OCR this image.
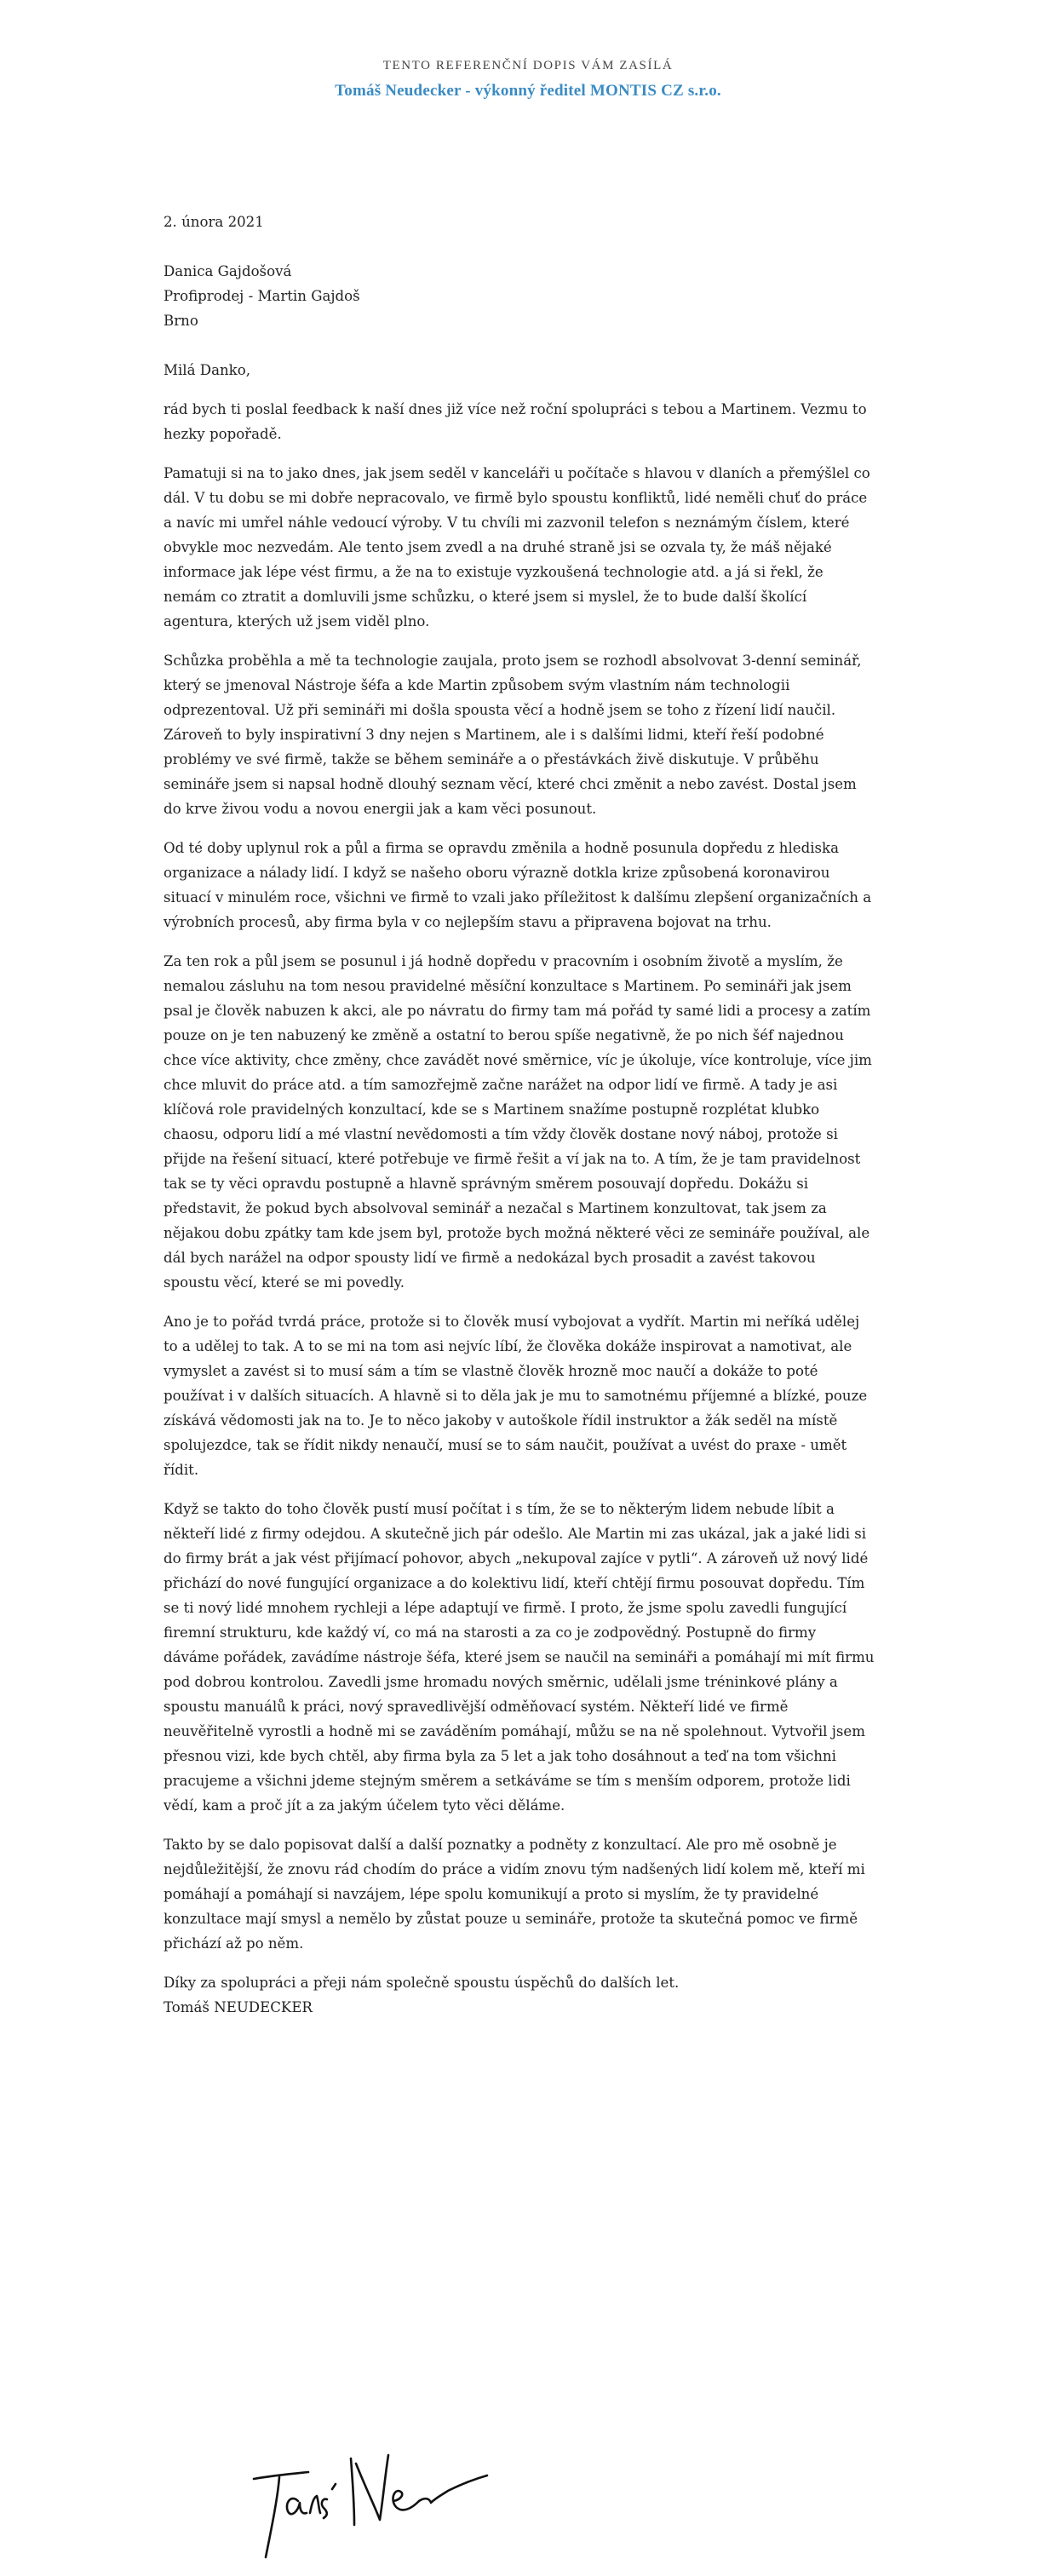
TENTO REFERENČNÍ DOPIS VÁM ZASÍLÁ

Tomáš Neudecker - výkonný ředitel MONTIS CZ s.r.o.

2. února 2021

Danica Gajdošová

Profiprodej - Martin Gajdoš

Brno

Milá Danko,

rád bych ti poslal feedback k naší dnes již více než roční spolupráci s tebou a Martinem. Vezmu to hezky popořadě.

Pamatuji si na to jako dnes, jak jsem seděl v kanceláři u počítače s hlavou v dlaních a přemýšlel co dál. V tu dobu se mi dobře nepracovalo, ve firmě bylo spoustu konfliktů, lidé neměli chuť do práce a navíc mi umřel náhle vedoucí výroby. V tu chvíli mi zazvonil telefon s neznámým číslem, které obvykle moc nezvedám. Ale tento jsem zvedl a na druhé straně jsi se ozvala ty, že máš nějaké informace jak lépe vést firmu, a že na to existuje vyzkoušená technologie atd. a já si řekl, že nemám co ztratit a domluvili jsme schůzku, o které jsem si myslel, že to bude další školící agentura, kterých už jsem viděl plno.

Schůzka proběhla a mě ta technologie zaujala, proto jsem se rozhodl absolvovat 3-denní seminář, který se jmenoval Nástroje šéfa a kde Martin způsobem svým vlastním nám technologii odprezentoval. Už při semináři mi došla spousta věcí a hodně jsem se toho z řízení lidí naučil. Zároveň to byly inspirativní 3 dny nejen s Martinem, ale i s dalšími lidmi, kteří řeší podobné problémy ve své firmě, takže se během semináře a o přestávkách živě diskutuje. V průběhu semináře jsem si napsal hodně dlouhý seznam věcí, které chci změnit a nebo zavést. Dostal jsem do krve živou vodu a novou energii jak a kam věci posunout.

Od té doby uplynul rok a půl a firma se opravdu změnila a hodně posunula dopředu z hlediska organizace a nálady lidí. I když se našeho oboru výrazně dotkla krize způsobená koronavirou situací v minulém roce, všichni ve firmě to vzali jako příležitost k dalšímu zlepšení organizačních a výrobních procesů, aby firma byla v co nejlepším stavu a připravena bojovat na trhu.

Za ten rok a půl jsem se posunul i já hodně dopředu v pracovním i osobním životě a myslím, že nemalou zásluhu na tom nesou pravidelné měsíční konzultace s Martinem. Po semináři jak jsem psal je člověk nabuzen k akci, ale po návratu do firmy tam má pořád ty samé lidi a procesy a zatím pouze on je ten nabuzený ke změně a ostatní to berou spíše negativně, že po nich šéf najednou chce více aktivity, chce změny, chce zavádět nové směrnice, víc je úkoluje, více kontroluje, více jim chce mluvit do práce atd. a tím samozřejmě začne narážet na odpor lidí ve firmě. A tady je asi klíčová role pravidelných konzultací, kde se s Martinem snažíme postupně rozplétat klubko chaosu, odporu lidí a mé vlastní nevědomosti a tím vždy člověk dostane nový náboj, protože si přijde na řešení situací, které potřebuje ve firmě řešit a ví jak na to. A tím, že je tam pravidelnost tak se ty věci opravdu postupně a hlavně správným směrem posouvají dopředu. Dokážu si představit, že pokud bych absolvoval seminář a nezačal s Martinem konzultovat, tak jsem za nějakou dobu zpátky tam kde jsem byl, protože bych možná některé věci ze semináře používal, ale dál bych narážel na odpor spousty lidí ve firmě a nedokázal bych prosadit a zavést takovou spoustu věcí, které se mi povedly.

Ano je to pořád tvrdá práce, protože si to člověk musí vybojovat a vydřít. Martin mi neříká udělej to a udělej to tak. A to se mi na tom asi nejvíc líbí, že člověka dokáže inspirovat a namotivat, ale vymyslet a zavést si to musí sám a tím se vlastně člověk hrozně moc naučí a dokáže to poté používat i v dalších situacích. A hlavně si to děla jak je mu to samotnému příjemné a blízké, pouze získává vědomosti jak na to. Je to něco jakoby v autoškole řídil instruktor a žák seděl na místě spolujezdce, tak se řídit nikdy nenaučí, musí se to sám naučit, používat a uvést do praxe - umět řídit.

Když se takto do toho člověk pustí musí počítat i s tím, že se to některým lidem nebude líbit a někteří lidé z firmy odejdou. A skutečně jich pár odešlo. Ale Martin mi zas ukázal, jak a jaké lidi si do firmy brát a jak vést přijímací pohovor, abych „nekupoval zajíce v pytli“. A zároveň už nový lidé přichází do nové fungující organizace a do kolektivu lidí, kteří chtějí firmu posouvat dopředu. Tím se ti nový lidé mnohem rychleji a lépe adaptují ve firmě. I proto, že jsme spolu zavedli fungující firemní strukturu, kde každý ví, co má na starosti a za co je zodpovědný. Postupně do firmy dáváme pořádek, zavádíme nástroje šéfa, které jsem se naučil na semináři a pomáhají mi mít firmu pod dobrou kontrolou. Zavedli jsme hromadu nových směrnic, udělali jsme tréninkové plány a spoustu manuálů k práci, nový spravedlivější odměňovací systém. Někteří lidé ve firmě neuvěřitelně vyrostli a hodně mi se zaváděním pomáhají, můžu se na ně spolehnout. Vytvořil jsem přesnou vizi, kde bych chtěl, aby firma byla za 5 let a jak toho dosáhnout a teď na tom všichni pracujeme a všichni jdeme stejným směrem a setkáváme se tím s menším odporem, protože lidi vědí, kam a proč jít a za jakým účelem tyto věci děláme.

Takto by se dalo popisovat další a další poznatky a podněty z konzultací. Ale pro mě osobně je nejdůležitější, že znovu rád chodím do práce a vidím znovu tým nadšených lidí kolem mě, kteří mi pomáhají a pomáhají si navzájem, lépe spolu komunikují a proto si myslím, že ty pravidelné konzultace mají smysl a nemělo by zůstat pouze u semináře, protože ta skutečná pomoc ve firmě přichází až po něm.

Díky za spolupráci a přeji nám společně spoustu úspěchů do dalších let.

Tomáš NEUDECKER
